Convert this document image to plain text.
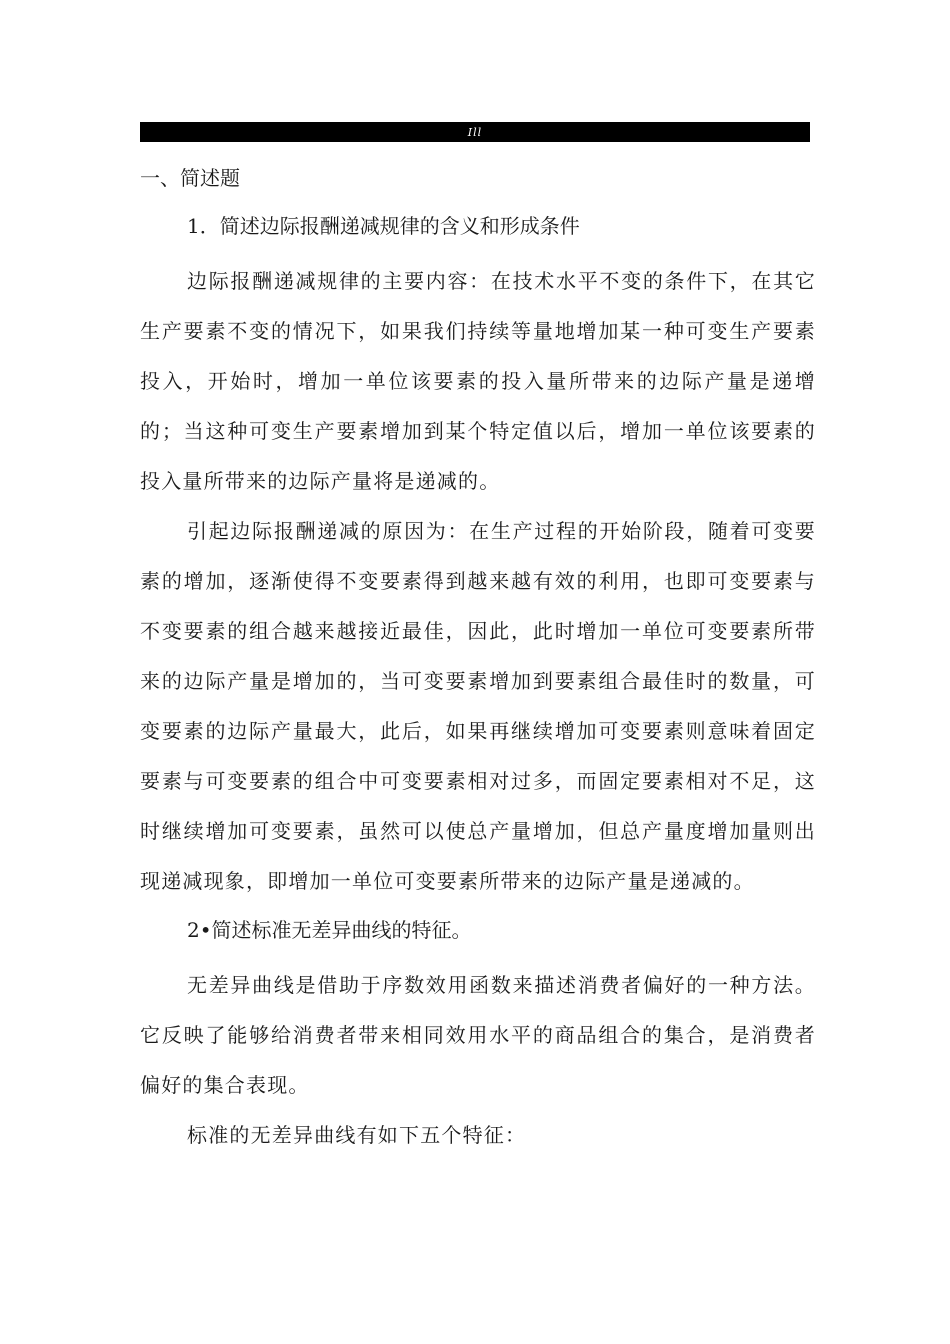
Ill
一、简述题
1．简述边际报酬递减规律的含义和形成条件

边际报酬递减规律的主要内容：在技术水平不变的条件下，在其它生产要素不变的情况下，如果我们持续等量地增加某一种可变生产要素投入，开始时，增加一单位该要素的投入量所带来的边际产量是递增的；当这种可变生产要素增加到某个特定值以后，增加一单位该要素的投入量所带来的边际产量将是递减的。

引起边际报酬递减的原因为：在生产过程的开始阶段，随着可变要素的增加，逐渐使得不变要素得到越来越有效的利用，也即可变要素与不变要素的组合越来越接近最佳，因此，此时增加一单位可变要素所带来的边际产量是增加的，当可变要素增加到要素组合最佳时的数量，可变要素的边际产量最大，此后，如果再继续增加可变要素则意味着固定要素与可变要素的组合中可变要素相对过多，而固定要素相对不足，这时继续增加可变要素，虽然可以使总产量增加，但总产量度增加量则出现递减现象，即增加一单位可变要素所带来的边际产量是递减的。

2•简述标准无差异曲线的特征。

无差异曲线是借助于序数效用函数来描述消费者偏好的一种方法。它反映了能够给消费者带来相同效用水平的商品组合的集合，是消费者偏好的集合表现。

标准的无差异曲线有如下五个特征：
